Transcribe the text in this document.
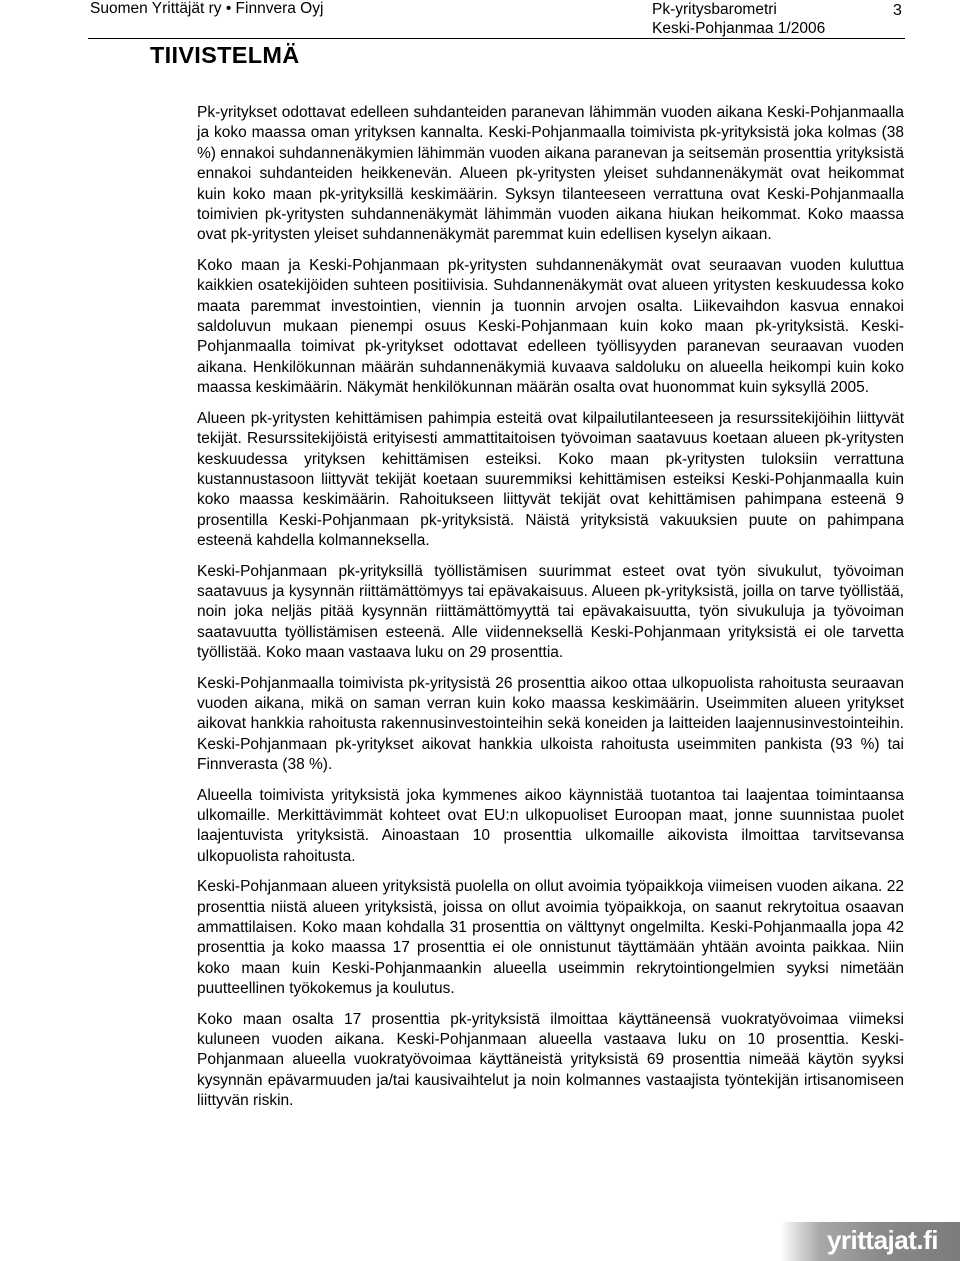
Suomen Yrittäjät ry • Finnvera Oyj	Pk-yritysbarometri
Keski-Pohjanmaa 1/2006
3
TIIVISTELMÄ

Pk-yritykset odottavat edelleen suhdanteiden paranevan lähimmän vuoden aikana Keski-Pohjanmaalla ja koko maassa oman yrityksen kannalta. Keski-Pohjanmaalla toimivista pk-yrityksistä joka kolmas (38 %) ennakoi suhdannenäkymien lähimmän vuoden aikana paranevan ja seitsemän prosenttia yrityksistä ennakoi suhdanteiden heikkenevän. Alueen pk-yritysten yleiset suhdannenäkymät ovat heikommat kuin koko maan pk-yrityksillä keskimäärin. Syksyn tilanteeseen verrattuna ovat Keski-Pohjanmaalla toimivien pk-yritysten suhdannenäkymät lähimmän vuoden aikana hiukan heikommat. Koko maassa ovat pk-yritysten yleiset suhdannenäkymät paremmat kuin edellisen kyselyn aikaan.

Koko maan ja Keski-Pohjanmaan pk-yritysten suhdannenäkymät ovat seuraavan vuoden kuluttua kaikkien osatekijöiden suhteen positiivisia. Suhdannenäkymät ovat alueen yritysten keskuudessa koko maata paremmat investointien, viennin ja tuonnin arvojen osalta. Liikevaihdon kasvua ennakoi saldoluvun mukaan pienempi osuus Keski-Pohjanmaan kuin koko maan pk-yrityksistä. Keski-Pohjanmaalla toimivat pk-yritykset odottavat edelleen työllisyyden paranevan seuraavan vuoden aikana. Henkilökunnan määrän suhdannenäkymiä kuvaava saldoluku on alueella heikompi kuin koko maassa keskimäärin. Näkymät henkilökunnan määrän osalta ovat huonommat kuin syksyllä 2005.

Alueen pk-yritysten kehittämisen pahimpia esteitä ovat kilpailutilanteeseen ja resurssitekijöihin liittyvät tekijät. Resurssitekijöistä erityisesti ammattitaitoisen työvoiman saatavuus koetaan alueen pk-yritysten keskuudessa yrityksen kehittämisen esteiksi. Koko maan pk-yritysten tuloksiin verrattuna kustannustasoon liittyvät tekijät koetaan suuremmiksi kehittämisen esteiksi Keski-Pohjanmaalla kuin koko maassa keskimäärin. Rahoitukseen liittyvät tekijät ovat kehittämisen pahimpana esteenä 9 prosentilla Keski-Pohjanmaan pk-yrityksistä. Näistä yrityksistä vakuuksien puute on pahimpana esteenä kahdella kolmanneksella.

Keski-Pohjanmaan pk-yrityksillä työllistämisen suurimmat esteet ovat työn sivukulut, työvoiman saatavuus ja kysynnän riittämättömyys tai epävakaisuus. Alueen pk-yrityksistä, joilla on tarve työllistää, noin joka neljäs pitää kysynnän riittämättömyyttä tai epävakaisuutta, työn sivukuluja ja työvoiman saatavuutta työllistämisen esteenä. Alle viidenneksellä Keski-Pohjanmaan yrityksistä ei ole tarvetta työllistää. Koko maan vastaava luku on 29 prosenttia.

Keski-Pohjanmaalla toimivista pk-yritysistä 26 prosenttia aikoo ottaa ulkopuolista rahoitusta seuraavan vuoden aikana, mikä on saman verran kuin koko maassa keskimäärin. Useimmiten alueen yritykset aikovat hankkia rahoitusta rakennusinvestointeihin sekä koneiden ja laitteiden laajennusinvestointeihin. Keski-Pohjanmaan pk-yritykset aikovat hankkia ulkoista rahoitusta useimmiten pankista (93 %) tai Finnverasta (38 %).

Alueella toimivista yrityksistä joka kymmenes aikoo käynnistää tuotantoa tai laajentaa toimintaansa ulkomaille. Merkittävimmät kohteet ovat EU:n ulkopuoliset Euroopan maat, jonne suunnistaa puolet laajentuvista yrityksistä. Ainoastaan 10 prosenttia ulkomaille aikovista ilmoittaa tarvitsevansa ulkopuolista rahoitusta.

Keski-Pohjanmaan alueen yrityksistä puolella on ollut avoimia työpaikkoja viimeisen vuoden aikana. 22 prosenttia niistä alueen yrityksistä, joissa on ollut avoimia työpaikkoja, on saanut rekrytoitua osaavan ammattilaisen. Koko maan kohdalla 31 prosenttia on välttynyt ongelmilta. Keski-Pohjanmaalla jopa 42 prosenttia ja koko maassa 17 prosenttia ei ole onnistunut täyttämään yhtään avointa paikkaa. Niin koko maan kuin Keski-Pohjanmaankin alueella useimmin rekrytointiongelmien syyksi nimetään puutteellinen työkokemus ja koulutus.

Koko maan osalta 17 prosenttia pk-yrityksistä ilmoittaa käyttäneensä vuokratyövoimaa viimeksi kuluneen vuoden aikana. Keski-Pohjanmaan alueella vastaava luku on 10 prosenttia. Keski-Pohjanmaan alueella vuokratyövoimaa käyttäneistä yrityksistä 69 prosenttia nimeää käytön syyksi kysynnän epävarmuuden ja/tai kausivaihtelut ja noin kolmannes vastaajista työntekijän irtisanomiseen liittyvän riskin.

yrittajat.fi
